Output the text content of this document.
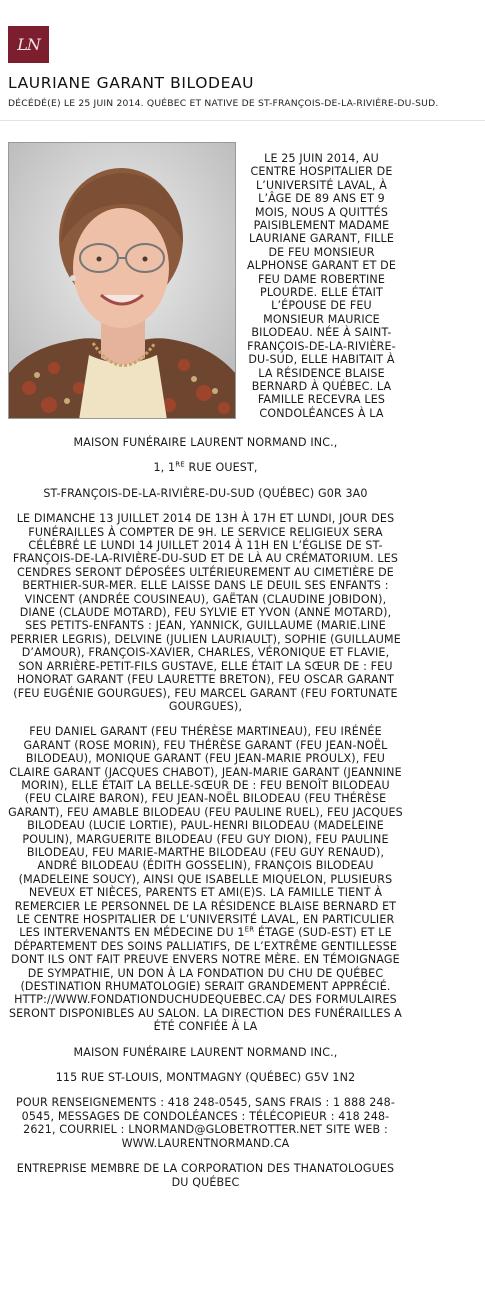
LN
LAURIANE GARANT BILODEAU

DÉCÉDÉ(E) LE 25 JUIN 2014. QUÉBEC ET NATIVE DE ST-FRANÇOIS-DE-LA-RIVIÈRE-DU-SUD.

LE 25 JUIN 2014, AU CENTRE HOSPITALIER DE L’UNIVERSITÉ LAVAL, À L’ÂGE DE 89 ANS ET 9 MOIS, NOUS A QUITTÉS PAISIBLEMENT MADAME LAURIANE GARANT, FILLE DE FEU MONSIEUR ALPHONSE GARANT ET DE FEU DAME ROBERTINE PLOURDE. ELLE ÉTAIT L’ÉPOUSE DE FEU MONSIEUR MAURICE BILODEAU. NÉE À SAINT-FRANÇOIS-DE-LA-RIVIÈRE-DU-SUD, ELLE HABITAIT À LA RÉSIDENCE BLAISE BERNARD À QUÉBEC. LA FAMILLE RECEVRA LES CONDOLÉANCES À LA

MAISON FUNÉRAIRE LAURENT NORMAND INC.,

1, 1RE RUE OUEST,

ST-FRANÇOIS-DE-LA-RIVIÈRE-DU-SUD (QUÉBEC) G0R 3A0

LE DIMANCHE 13 JUILLET 2014 DE 13H À 17H ET LUNDI, JOUR DES FUNÉRAILLES À COMPTER DE 9H. LE SERVICE RELIGIEUX SERA CÉLÉBRÉ LE LUNDI 14 JUILLET 2014 À 11H EN L’ÉGLISE DE ST-FRANÇOIS-DE-LA-RIVIÈRE-DU-SUD ET DE LÀ AU CRÉMATORIUM. LES CENDRES SERONT DÉPOSÉES ULTÉRIEUREMENT AU CIMETIÈRE DE BERTHIER-SUR-MER. ELLE LAISSE DANS LE DEUIL SES ENFANTS : VINCENT (ANDRÉE COUSINEAU), GAËTAN (CLAUDINE JOBIDON), DIANE (CLAUDE MOTARD), FEU SYLVIE ET YVON (ANNE MOTARD), SES PETITS-ENFANTS : JEAN, YANNICK, GUILLAUME (MARIE.LINE PERRIER LEGRIS), DELVINE (JULIEN LAURIAULT), SOPHIE (GUILLAUME D’AMOUR), FRANÇOIS-XAVIER, CHARLES, VÉRONIQUE ET FLAVIE, SON ARRIÈRE-PETIT-FILS GUSTAVE, ELLE ÉTAIT LA SŒUR DE : FEU HONORAT GARANT (FEU LAURETTE BRETON), FEU OSCAR GARANT (FEU EUGÉNIE GOURGUES), FEU MARCEL GARANT (FEU FORTUNATE GOURGUES),

FEU DANIEL GARANT (FEU THÉRÈSE MARTINEAU), FEU IRÉNÉE GARANT (ROSE MORIN), FEU THÉRÈSE GARANT (FEU JEAN-NOËL BILODEAU), MONIQUE GARANT (FEU JEAN-MARIE PROULX), FEU CLAIRE GARANT (JACQUES CHABOT), JEAN-MARIE GARANT (JEANNINE MORIN), ELLE ÉTAIT LA BELLE-SŒUR DE : FEU BENOÎT BILODEAU (FEU CLAIRE BARON), FEU JEAN-NOËL BILODEAU (FEU THÉRÈSE GARANT), FEU AMABLE BILODEAU (FEU PAULINE RUEL), FEU JACQUES BILODEAU (LUCIE LORTIE), PAUL-HENRI BILODEAU (MADELEINE POULIN), MARGUERITE BILODEAU (FEU GUY DION), FEU PAULINE BILODEAU, FEU MARIE-MARTHE BILODEAU (FEU GUY RENAUD), ANDRÉ BILODEAU (ÉDITH GOSSELIN), FRANÇOIS BILODEAU (MADELEINE SOUCY), AINSI QUE ISABELLE MIQUELON, PLUSIEURS NEVEUX ET NIÈCES, PARENTS ET AMI(E)S. LA FAMILLE TIENT À REMERCIER LE PERSONNEL DE LA RÉSIDENCE BLAISE BERNARD ET LE CENTRE HOSPITALIER DE L’UNIVERSITÉ LAVAL, EN PARTICULIER LES INTERVENANTS EN MÉDECINE DU 1ER ÉTAGE (SUD-EST) ET LE DÉPARTEMENT DES SOINS PALLIATIFS, DE L’EXTRÊME GENTILLESSE DONT ILS ONT FAIT PREUVE ENVERS NOTRE MÈRE. EN TÉMOIGNAGE DE SYMPATHIE, UN DON À LA FONDATION DU CHU DE QUÉBEC (DESTINATION RHUMATOLOGIE) SERAIT GRANDEMENT APPRÉCIÉ. HTTP://WWW.FONDATIONDUCHUDEQUEBEC.CA/ DES FORMULAIRES SERONT DISPONIBLES AU SALON. LA DIRECTION DES FUNÉRAILLES A ÉTÉ CONFIÉE À LA

MAISON FUNÉRAIRE LAURENT NORMAND INC.,

115 RUE ST-LOUIS, MONTMAGNY (QUÉBEC) G5V 1N2

POUR RENSEIGNEMENTS : 418 248-0545, SANS FRAIS : 1 888 248-0545, MESSAGES DE CONDOLÉANCES : TÉLÉCOPIEUR : 418 248-2621, COURRIEL : LNORMAND@GLOBETROTTER.NET SITE WEB : WWW.LAURENTNORMAND.CA

ENTREPRISE MEMBRE DE LA CORPORATION DES THANATOLOGUES DU QUÉBEC
